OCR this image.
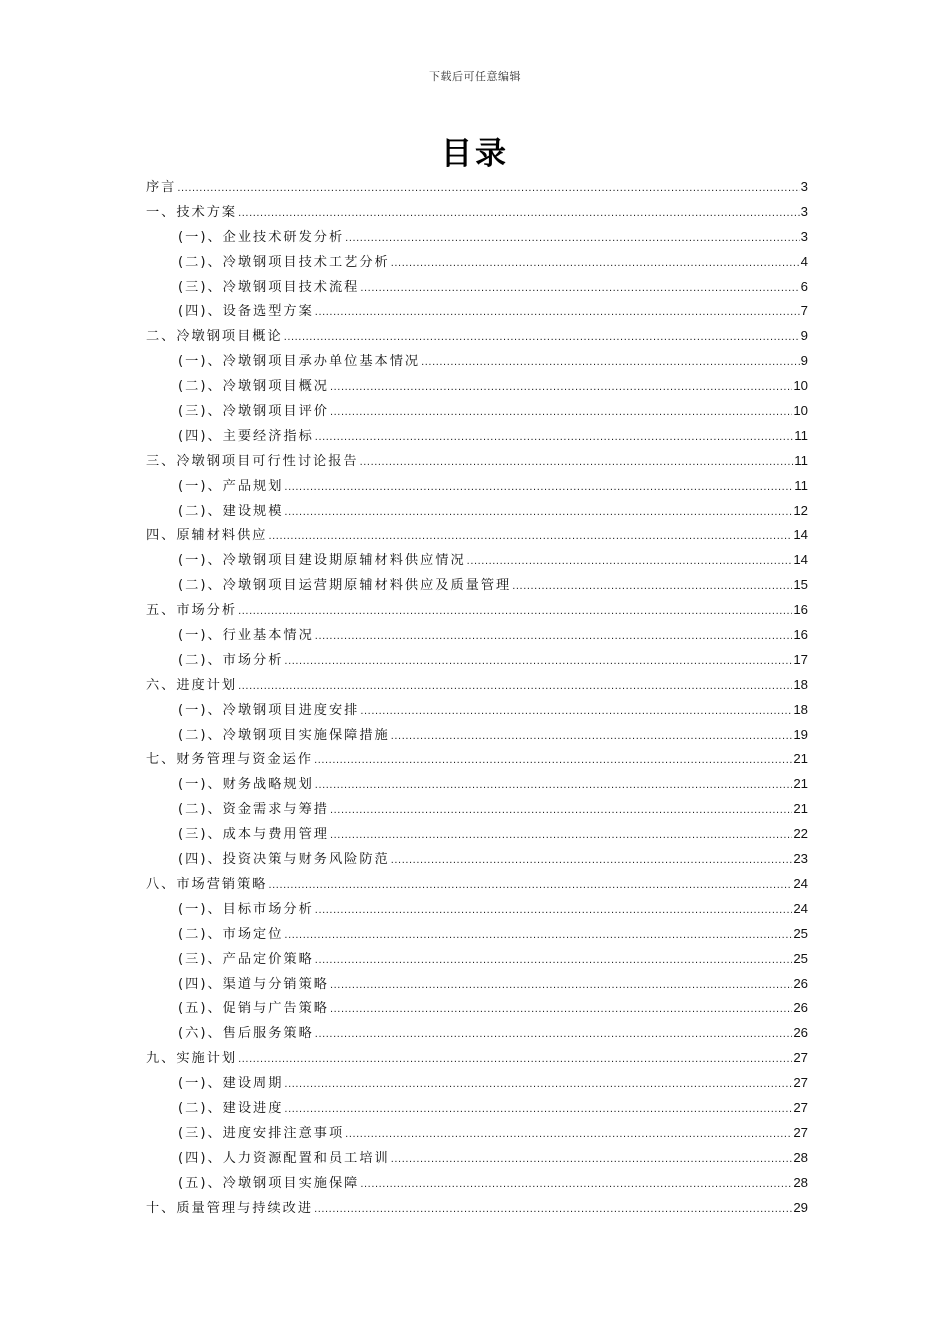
下载后可任意编辑
目录
序言 .....	3
一、技术方案 .....	3
(一)、企业技术研发分析 .....	3
(二)、冷墩钢项目技术工艺分析 .....	4
(三)、冷墩钢项目技术流程 .....	6
(四)、设备选型方案 .....	7
二、冷墩钢项目概论 .....	9
(一)、冷墩钢项目承办单位基本情况 .....	9
(二)、冷墩钢项目概况 .....	10
(三)、冷墩钢项目评价 .....	10
(四)、主要经济指标 .....	11
三、冷墩钢项目可行性讨论报告 .....	11
(一)、产品规划 .....	11
(二)、建设规模 .....	12
四、原辅材料供应 .....	14
(一)、冷墩钢项目建设期原辅材料供应情况 .....	14
(二)、冷墩钢项目运营期原辅材料供应及质量管理 .....	15
五、市场分析 .....	16
(一)、行业基本情况 .....	16
(二)、市场分析 .....	17
六、进度计划 .....	18
(一)、冷墩钢项目进度安排 .....	18
(二)、冷墩钢项目实施保障措施 .....	19
七、财务管理与资金运作 .....	21
(一)、财务战略规划 .....	21
(二)、资金需求与筹措 .....	21
(三)、成本与费用管理 .....	22
(四)、投资决策与财务风险防范 .....	23
八、市场营销策略 .....	24
(一)、目标市场分析 .....	24
(二)、市场定位 .....	25
(三)、产品定价策略 .....	25
(四)、渠道与分销策略 .....	26
(五)、促销与广告策略 .....	26
(六)、售后服务策略 .....	26
九、实施计划 .....	27
(一)、建设周期 .....	27
(二)、建设进度 .....	27
(三)、进度安排注意事项 .....	27
(四)、人力资源配置和员工培训 .....	28
(五)、冷墩钢项目实施保障 .....	28
十、质量管理与持续改进 .....	29
